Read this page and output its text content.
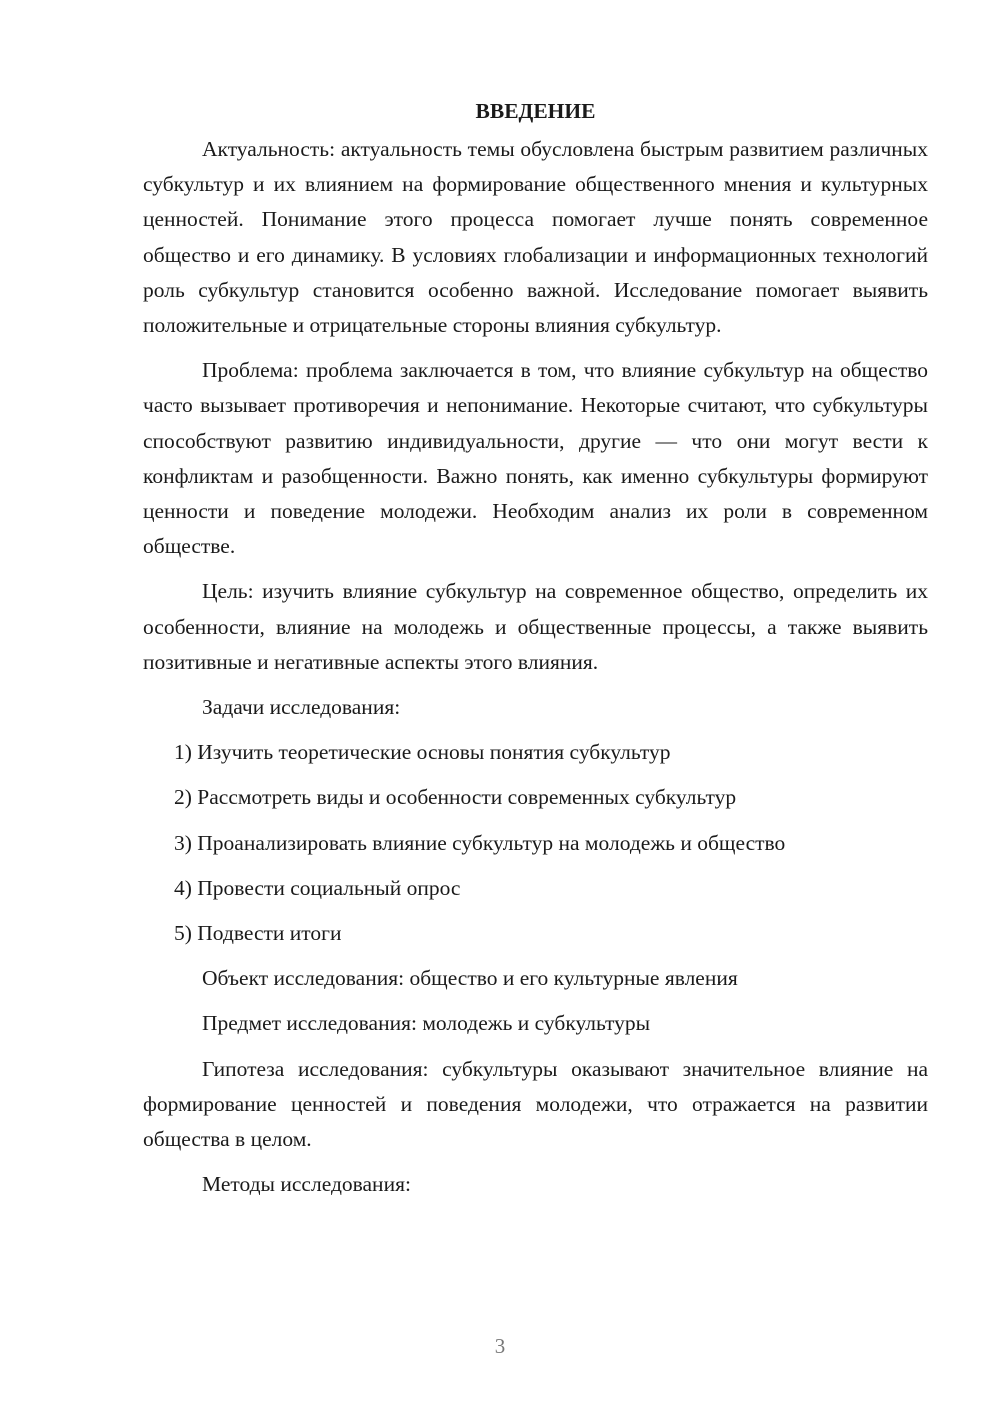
ВВЕДЕНИЕ
Актуальность: актуальность темы обусловлена быстрым развитием различных субкультур и их влиянием на формирование общественного мнения и культурных ценностей. Понимание этого процесса помогает лучше понять современное общество и его динамику. В условиях глобализации и информационных технологий роль субкультур становится особенно важной. Исследование помогает выявить положительные и отрицательные стороны влияния субкультур.
Проблема: проблема заключается в том, что влияние субкультур на общество часто вызывает противоречия и непонимание. Некоторые считают, что субкультуры способствуют развитию индивидуальности, другие — что они могут вести к конфликтам и разобщенности. Важно понять, как именно субкультуры формируют ценности и поведение молодежи. Необходим анализ их роли в современном обществе.
Цель: изучить влияние субкультур на современное общество, определить их особенности, влияние на молодежь и общественные процессы, а также выявить позитивные и негативные аспекты этого влияния.
Задачи исследования:
1) Изучить теоретические основы понятия субкультур
2) Рассмотреть виды и особенности современных субкультур
3) Проанализировать влияние субкультур на молодежь и общество
4) Провести социальный опрос
5) Подвести итоги
Объект исследования: общество и его культурные явления
Предмет исследования: молодежь и субкультуры
Гипотеза исследования: субкультуры оказывают значительное влияние на формирование ценностей и поведения молодежи, что отражается на развитии общества в целом.
Методы исследования:
3
